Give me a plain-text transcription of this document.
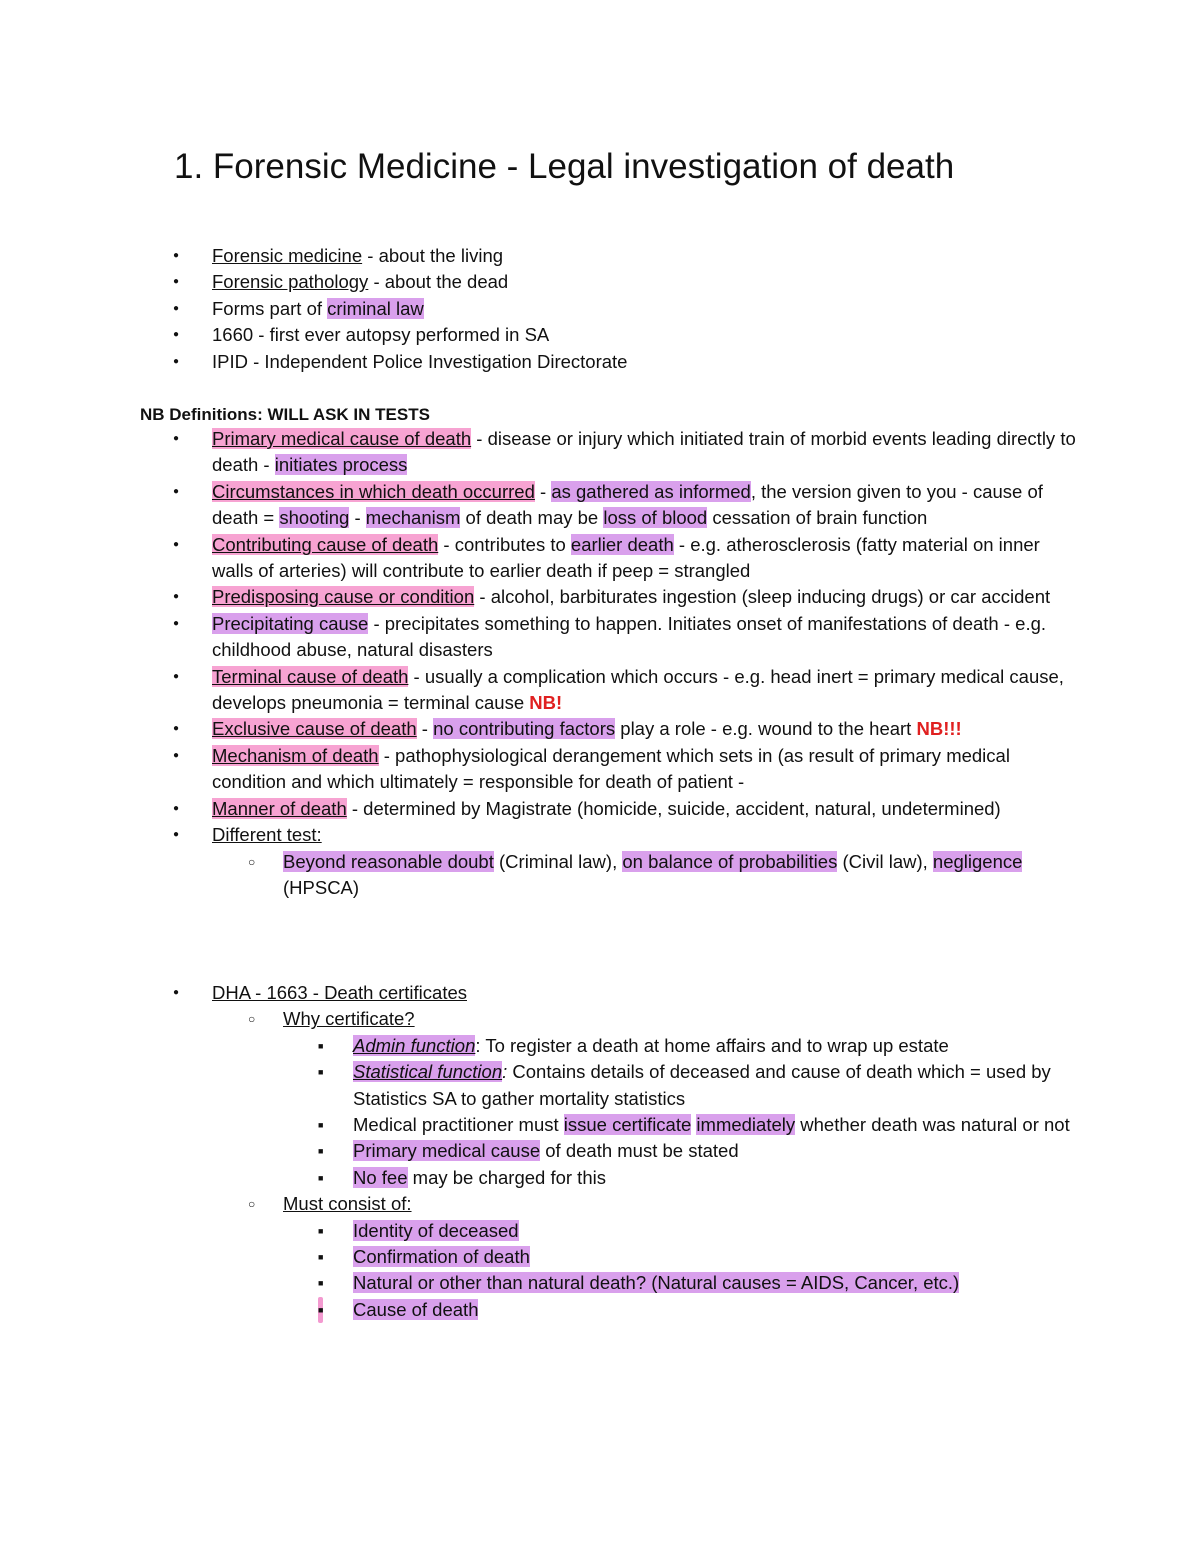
1. Forensic Medicine - Legal investigation of death
● Forensic medicine - about the living
● Forensic pathology - about the dead
● Forms part of criminal law
● 1660 - first ever autopsy performed in SA
● IPID - Independent Police Investigation Directorate

NB Definitions: WILL ASK IN TESTS

● Primary medical cause of death - disease or injury which initiated train of morbid events leading directly to death - initiates process
● Circumstances in which death occurred - as gathered as informed, the version given to you - cause of death = shooting - mechanism of death may be loss of blood cessation of brain function
● Contributing cause of death - contributes to earlier death - e.g. atherosclerosis (fatty material on inner walls of arteries) will contribute to earlier death if peep = strangled
● Predisposing cause or condition - alcohol, barbiturates ingestion (sleep inducing drugs) or car accident
● Precipitating cause - precipitates something to happen. Initiates onset of manifestations of death - e.g. childhood abuse, natural disasters
● Terminal cause of death - usually a complication which occurs - e.g. head inert = primary medical cause, develops pneumonia = terminal cause NB!
● Exclusive cause of death - no contributing factors play a role - e.g. wound to the heart NB!!!
● Mechanism of death - pathophysiological derangement which sets in (as result of primary medical condition and which ultimately = responsible for death of patient -
● Manner of death - determined by Magistrate (homicide, suicide, accident, natural, undetermined)
● Different test:
○ Beyond reasonable doubt (Criminal law), on balance of probabilities (Civil law), negligence (HPSCA)
● DHA - 1663 - Death certificates
○ Why certificate?
■ Admin function: To register a death at home affairs and to wrap up estate
■ Statistical function: Contains details of deceased and cause of death which = used by Statistics SA to gather mortality statistics
■ Medical practitioner must issue certificate immediately whether death was natural or not
■ Primary medical cause of death must be stated
■ No fee may be charged for this
○ Must consist of:
■ Identity of deceased
■ Confirmation of death
■ Natural or other than natural death? (Natural causes = AIDS, Cancer, etc.)
■ Cause of death
